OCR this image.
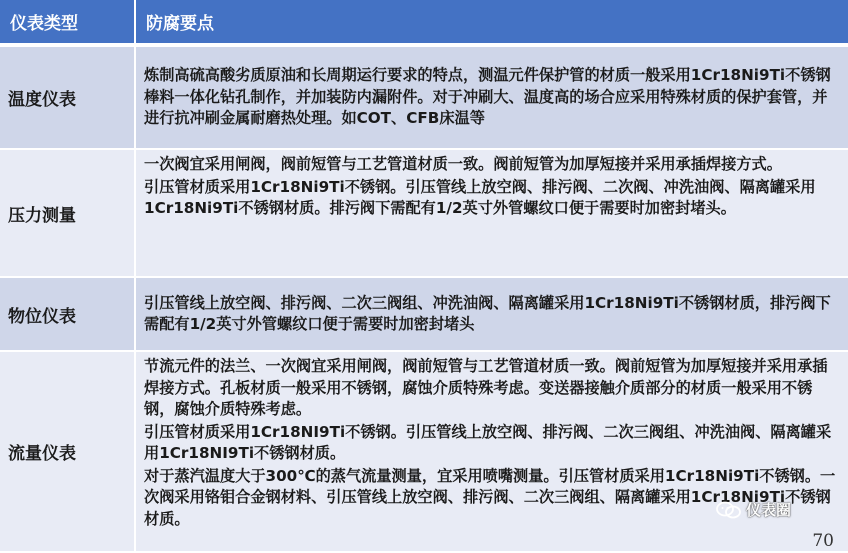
仪表类型	防腐要点
温度仪表
炼制高硫高酸劣质原油和长周期运行要求的特点，测温元件保护管的材质一般采用1Cr18Ni9Ti不锈钢棒料一体化钻孔制作，并加装防内漏附件。对于冲刷大、温度高的场合应采用特殊材质的保护套管，并进行抗冲刷金属耐磨热处理。如COT、CFB床温等
压力测量
一次阀宜采用闸阀，阀前短管与工艺管道材质一致。阀前短管为加厚短接并采用承插焊接方式。
引压管材质采用1Cr18Ni9Ti不锈钢。引压管线上放空阀、排污阀、二次阀、冲洗油阀、隔离罐采用1Cr18Ni9Ti不锈钢材质。排污阀下需配有1/2英寸外管螺纹口便于需要时加密封堵头。
物位仪表
引压管线上放空阀、排污阀、二次三阀组、冲洗油阀、隔离罐采用1Cr18Ni9Ti不锈钢材质，排污阀下需配有1/2英寸外管螺纹口便于需要时加密封堵头
流量仪表
节流元件的法兰、一次阀宜采用闸阀，阀前短管与工艺管道材质一致。阀前短管为加厚短接并采用承插焊接方式。孔板材质一般采用不锈钢，腐蚀介质特殊考虑。变送器接触介质部分的材质一般采用不锈钢，腐蚀介质特殊考虑。
引压管材质采用1Cr18NI9Ti不锈钢。引压管线上放空阀、排污阀、二次三阀组、冲洗油阀、隔离罐采用1Cr18NI9Ti不锈钢材质。
对于蒸汽温度大于300℃的蒸气流量测量，宜采用喷嘴测量。引压管材质采用1Cr18Ni9Ti不锈钢。一次阀采用铬钼合金钢材料、引压管线上放空阀、排污阀、二次三阀组、隔离罐采用1Cr18Ni9Ti不锈钢材质。	仪表圈
70
